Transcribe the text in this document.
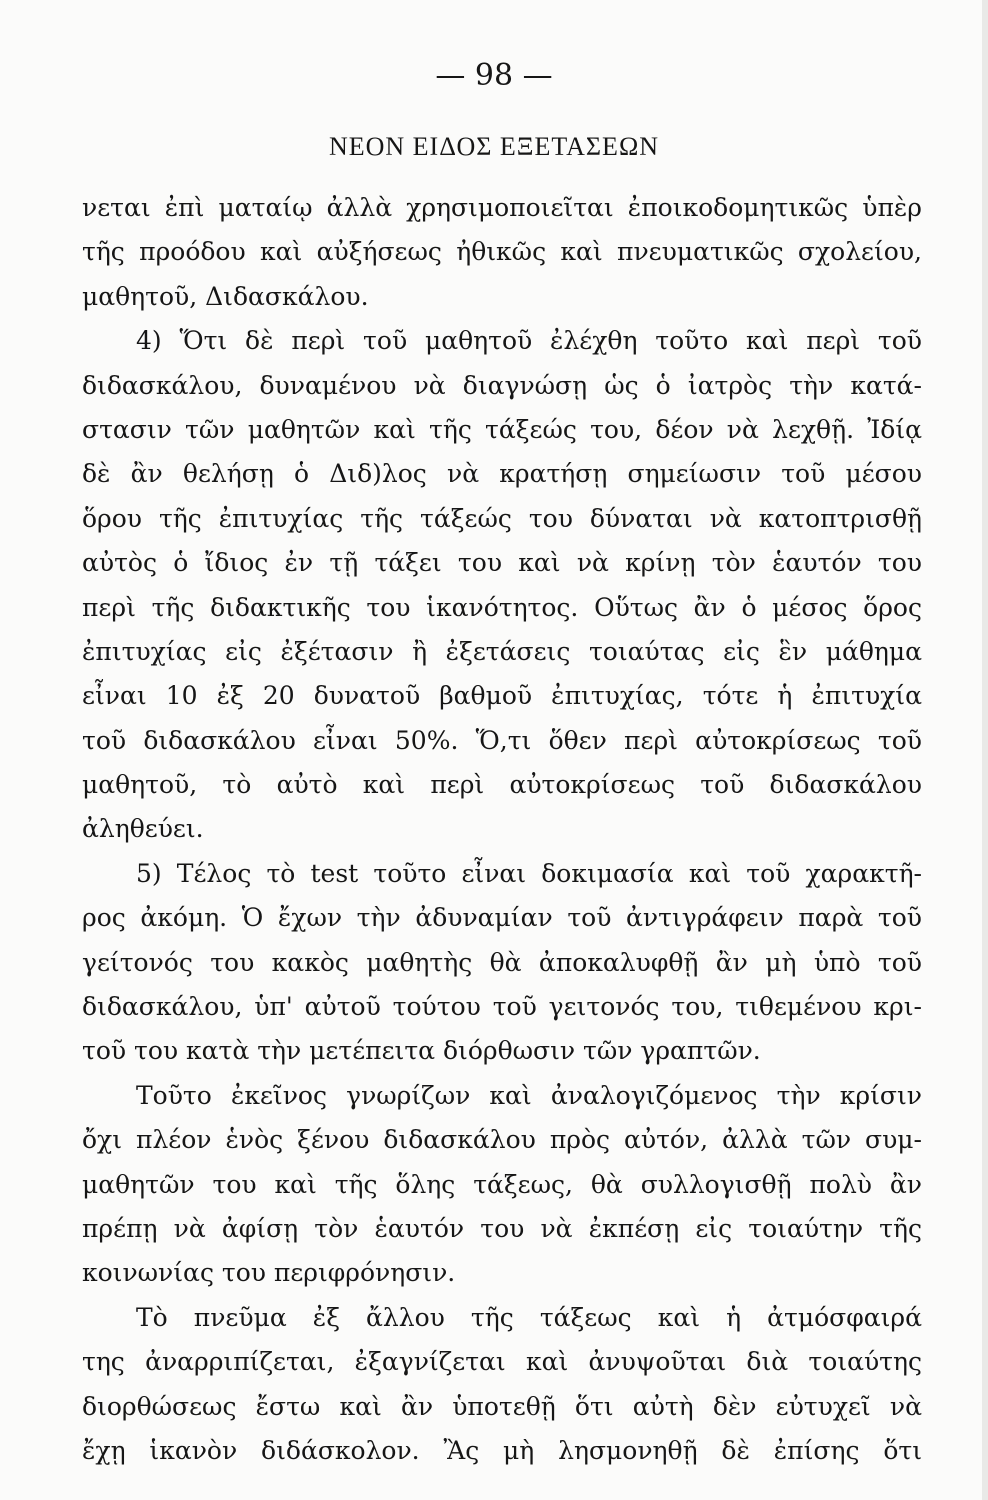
— 98 —
ΝΕΟΝ ΕΙΔΟΣ ΕΞΕΤΑΣΕΩΝ
νεται ἐπὶ ματαίῳ ἀλλὰ χρησιμοποιεῖται ἐποικοδομητικῶς ὑπὲρ
τῆς προόδου καὶ αὐξήσεως ἠθικῶς καὶ πνευματικῶς σχολείου,
μαθητοῦ, Διδασκάλου.
4) Ὅτι δὲ περὶ τοῦ μαθητοῦ ἐλέχθη τοῦτο καὶ περὶ τοῦ
διδασκάλου, δυναμένου νὰ διαγνώσῃ ὡς ὁ ἰατρὸς τὴν κατά-
στασιν τῶν μαθητῶν καὶ τῆς τάξεώς του, δέον νὰ λεχθῇ. Ἰδίᾳ
δὲ ἂν θελήσῃ ὁ Διδ)λος νὰ κρατήσῃ σημείωσιν τοῦ μέσου
ὅρου τῆς ἐπιτυχίας τῆς τάξεώς του δύναται νὰ κατοπτρισθῇ
αὐτὸς ὁ ἴδιος ἐν τῇ τάξει του καὶ νὰ κρίνῃ τὸν ἑαυτόν του
περὶ τῆς διδακτικῆς του ἱκανότητος. Οὕτως ἂν ὁ μέσος ὅρος
ἐπιτυχίας εἰς ἐξέτασιν ἢ ἐξετάσεις τοιαύτας εἰς ἓν μάθημα
εἶναι 10 ἐξ 20 δυνατοῦ βαθμοῦ ἐπιτυχίας, τότε ἡ ἐπιτυχία
τοῦ διδασκάλου εἶναι 50%. Ὅ,τι ὅθεν περὶ αὐτοκρίσεως τοῦ
μαθητοῦ, τὸ αὐτὸ καὶ περὶ αὐτοκρίσεως τοῦ διδασκάλου
ἀληθεύει.
5) Τέλος τὸ test τοῦτο εἶναι δοκιμασία καὶ τοῦ χαρακτῆ-
ρος ἀκόμη. Ὁ ἔχων τὴν ἀδυναμίαν τοῦ ἀντιγράφειν παρὰ τοῦ
γείτονός του κακὸς μαθητὴς θὰ ἀποκαλυφθῇ ἂν μὴ ὑπὸ τοῦ
διδασκάλου, ὑπ' αὐτοῦ τούτου τοῦ γειτονός του, τιθεμένου κρι-
τοῦ του κατὰ τὴν μετέπειτα διόρθωσιν τῶν γραπτῶν.
Τοῦτο ἐκεῖνος γνωρίζων καὶ ἀναλογιζόμενος τὴν κρίσιν
ὄχι πλέον ἑνὸς ξένου διδασκάλου πρὸς αὐτόν, ἀλλὰ τῶν συμ-
μαθητῶν του καὶ τῆς ὅλης τάξεως, θὰ συλλογισθῇ πολὺ ἂν
πρέπῃ νὰ ἀφίσῃ τὸν ἑαυτόν του νὰ ἐκπέσῃ εἰς τοιαύτην τῆς
κοινωνίας του περιφρόνησιν.
Τὸ πνεῦμα ἐξ ἄλλου τῆς τάξεως καὶ ἡ ἀτμόσφαιρά
της ἀναρριπίζεται, ἐξαγνίζεται καὶ ἀνυψοῦται διὰ τοιαύτης
διορθώσεως ἔστω καὶ ἂν ὑποτεθῇ ὅτι αὐτὴ δὲν εὐτυχεῖ νὰ
ἔχῃ ἱκανὸν διδάσκολον. Ἂς μὴ λησμονηθῇ δὲ ἐπίσης ὅτι
